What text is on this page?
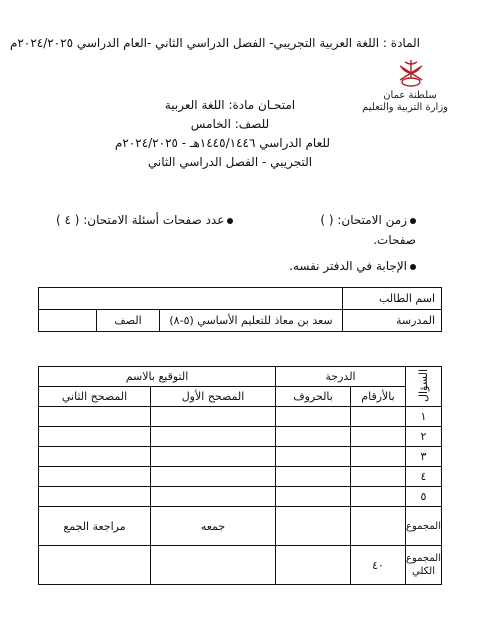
المادة : اللغة العربية التجريبي- الفصل الدراسي الثاني -العام الدراسي ٢٠٢٤/٢٠٢٥م
سلطنة عمان
وزارة التربية والتعليم
امتحـان مادة: اللغة العربية
للصف: الخامس
للعام الدراسي ١٤٤٥/١٤٤٦هـ - ٢٠٢٤/٢٠٢٥م
التجريبي - الفصل الدراسي الثاني
زمن الامتحان: ( )
عدد صفحات أسئلة الامتحان: ( ٤ )
صفحات.
الإجابة في الدفتر نفسه.
اسم الطالب			
المدرسة	سعد بن معاذ للتعليم الأساسي (٥-٨)	الصف	
السؤال	الدرجة		التوقيع بالاسم	
	بالأرقام	بالحروف	المصحح الأول	المصحح الثاني
١				
٢				
٣				
٤				
٥				
المجموع			جمعه	مراجعة الجمع
المجموع الكلي	٤٠			
